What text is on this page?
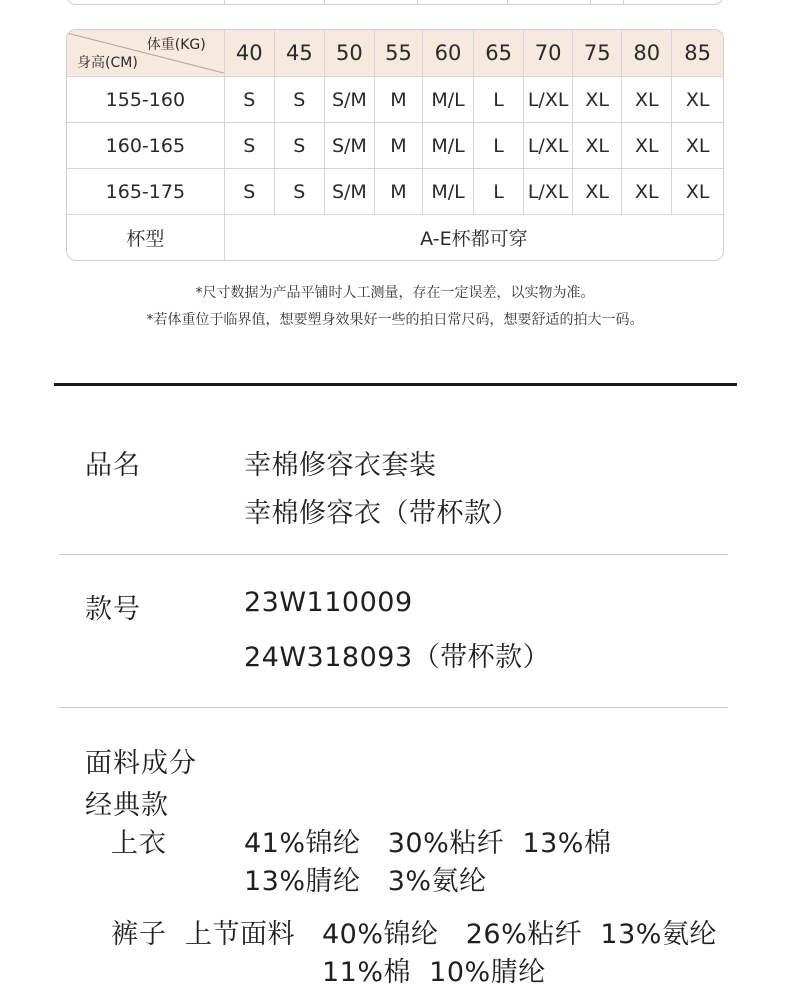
体重(KG)
身高(CM)	40	45	50	55	60	65	70	75	80	85
155-160	S	S	S/M	M	M/L	L	L/XL	XL	XL	XL
160-165	S	S	S/M	M	M/L	L	L/XL	XL	XL	XL
165-175	S	S	S/M	M	M/L	L	L/XL	XL	XL	XL
杯型	A-E杯都可穿									
*尺寸数据为产品平铺时人工测量，存在一定误差，以实物为准。
*若体重位于临界值，想要塑身效果好一些的拍日常尺码，想要舒适的拍大一码。
品名	幸棉修容衣套装
幸棉修容衣（带杯款）
款号	23W110009
24W318093（带杯款）
面料成分
经典款
上衣	41%锦纶   30%粘纤  13%棉
13%腈纶   3%氨纶
裤子 上节面料 40%锦纶   26%粘纤  13%氨纶
11%棉  10%腈纶
